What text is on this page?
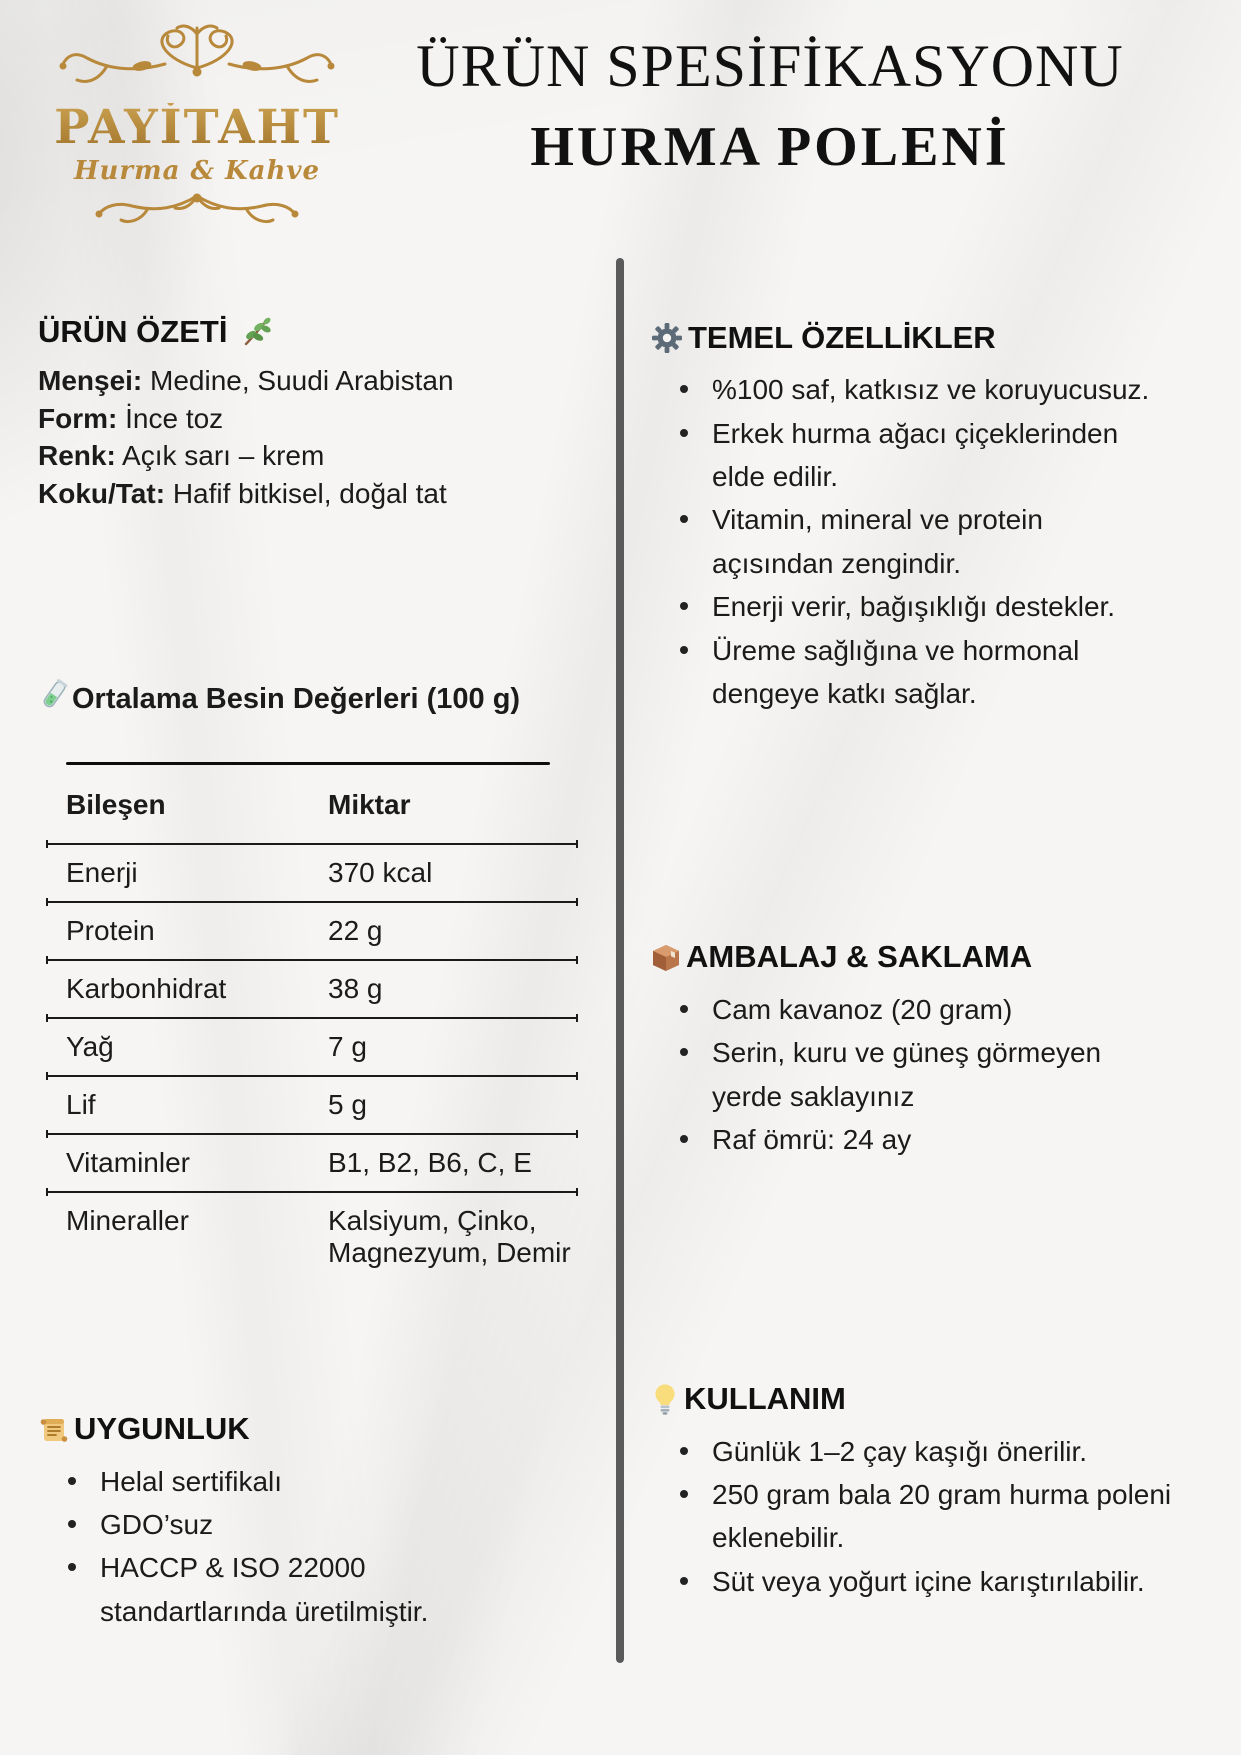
PAYİTAHT
Hurma & Kahve
ÜRÜN SPESİFİKASYONU
HURMA POLENİ
ÜRÜN ÖZETİ

Menşei: Medine, Suudi Arabistan

Form: İnce toz

Renk: Açık sarı – krem

Koku/Tat: Hafif bitkisel, doğal tat

Ortalama Besin Değerleri (100 g)
Bileşen	Miktar
Enerji	370 kcal
Protein	22 g
Karbonhidrat	38 g
Yağ	7 g
Lif	5 g
Vitaminler	B1, B2, B6, C, E
Mineraller	Kalsiyum, Çinko, Magnezyum, Demir
UYGUNLUK
Helal sertifikalı
GDO’suz
HACCP & ISO 22000 standartlarında üretilmiştir.
TEMEL ÖZELLİKLER
%100 saf, katkısız ve koruyucusuz.
Erkek hurma ağacı çiçeklerinden elde edilir.
Vitamin, mineral ve protein açısından zengindir.
Enerji verir, bağışıklığı destekler.
Üreme sağlığına ve hormonal dengeye katkı sağlar.
AMBALAJ & SAKLAMA
Cam kavanoz (20 gram)
Serin, kuru ve güneş görmeyen yerde saklayınız
Raf ömrü: 24 ay
KULLANIM
Günlük 1–2 çay kaşığı önerilir.
250 gram bala 20 gram hurma poleni eklenebilir.
Süt veya yoğurt içine karıştırılabilir.
